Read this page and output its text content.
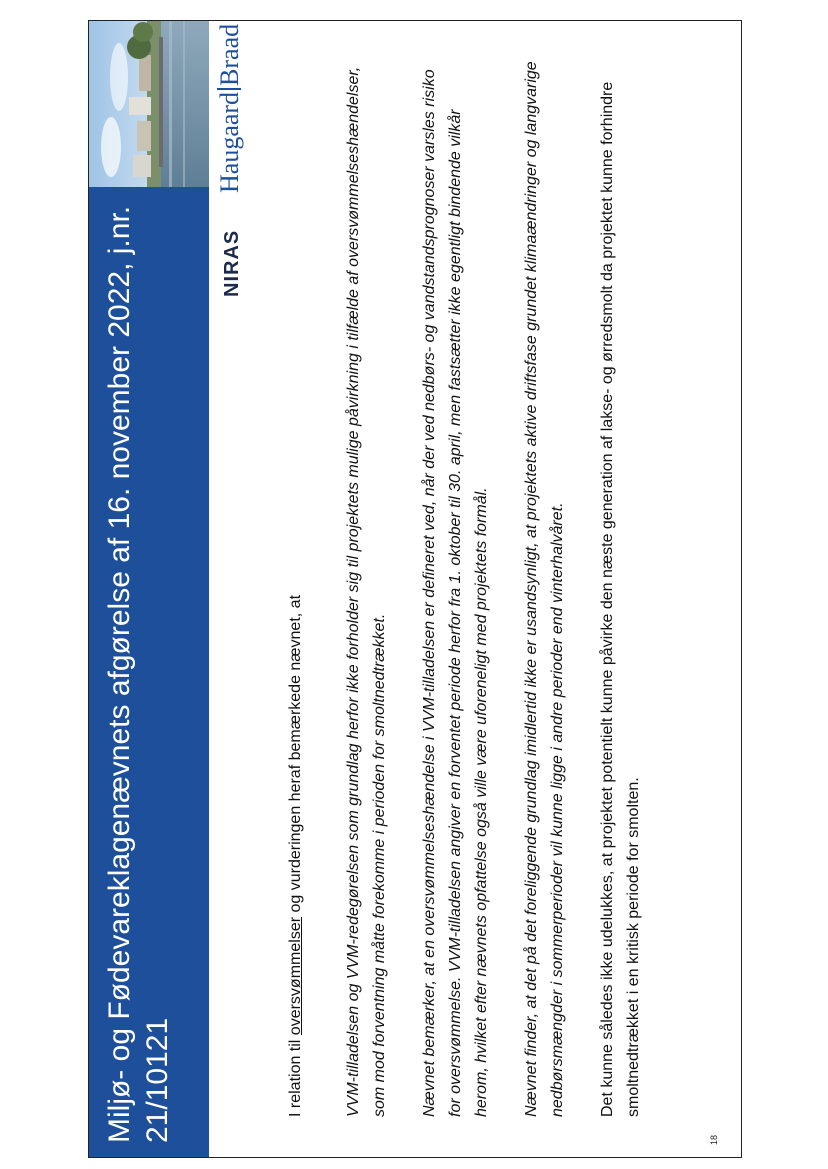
Miljø- og Fødevareklagenævnets afgørelse af 16. november 2022, j.nr. 21/10121
NIRAS
HaugaardBraad

I relation til oversvømmelser og vurderingen heraf bemærkede nævnet, at	VVM-tilladelsen og VVM-redegørelsen som grundlag herfor ikke forholder sig til projektets mulige påvirkning i tilfælde af oversvømmelseshændelser, som mod forventning måtte forekomme i perioden for smoltnedtrækket.	Nævnet bemærker, at en oversvømmelseshændelse i VVM-tilladelsen er defineret ved, når der ved nedbørs- og vandstandsprognoser varsles risiko for oversvømmelse. VVM-tilladelsen angiver en forventet periode herfor fra 1. oktober til 30. april, men fastsætter ikke egentligt bindende vilkår herom, hvilket efter nævnets opfattelse også ville være uforeneligt med projektets formål.	Nævnet finder, at det på det foreliggende grundlag imidlertid ikke er usandsynligt, at projektets aktive driftsfase grundet klimaændringer og langvarige nedbørsmængder i sommerperioder vil kunne ligge i andre perioder end vinterhalvåret.	Det kunne således ikke udelukkes, at projektet potentielt kunne påvirke den næste generation af lakse- og ørredsmolt da projektet kunne forhindre smoltnedtrækket i en kritisk periode for smolten.

18
